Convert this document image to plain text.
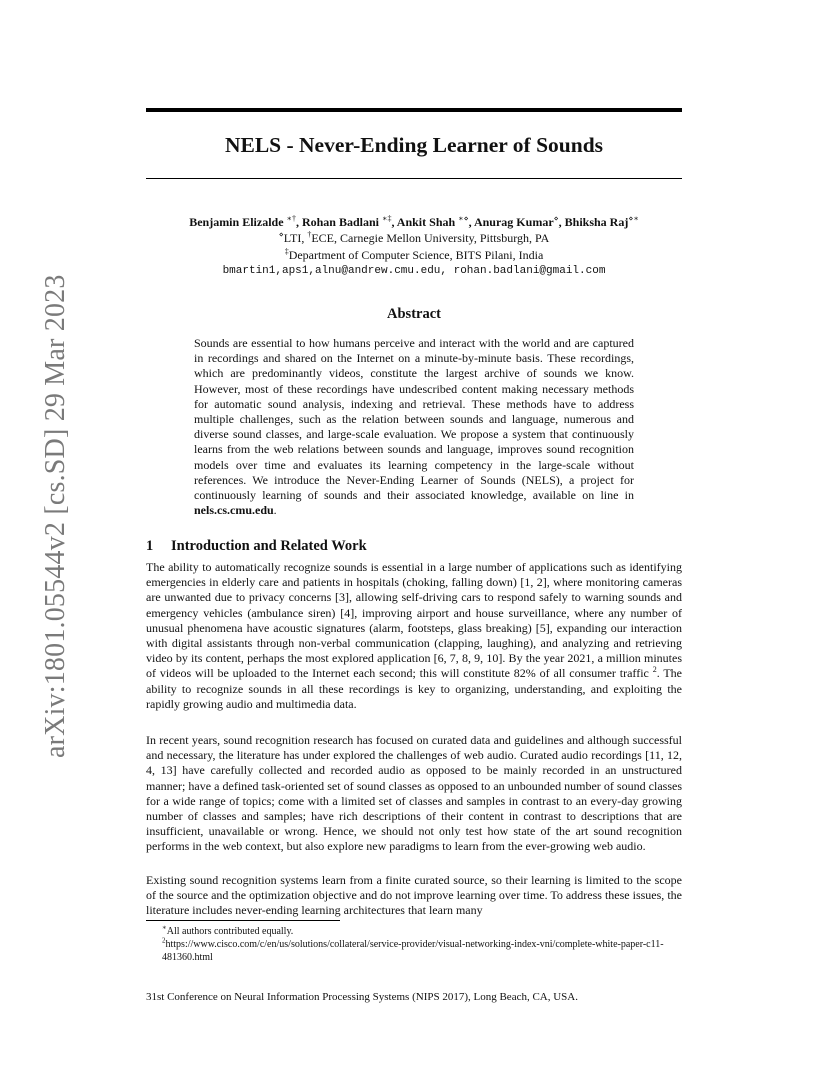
arXiv:1801.05544v2 [cs.SD] 29 Mar 2023
NELS - Never-Ending Learner of Sounds
Benjamin Elizalde ∗†, Rohan Badlani ∗‡, Ankit Shah ∗⋄, Anurag Kumar⋄, Bhiksha Raj⋄∗
⋄LTI, †ECE, Carnegie Mellon University, Pittsburgh, PA
‡Department of Computer Science, BITS Pilani, India
bmartin1,aps1,alnu@andrew.cmu.edu, rohan.badlani@gmail.com
Abstract

Sounds are essential to how humans perceive and interact with the world and are captured in recordings and shared on the Internet on a minute-by-minute basis. These recordings, which are predominantly videos, constitute the largest archive of sounds we know. However, most of these recordings have undescribed content making necessary methods for automatic sound analysis, indexing and retrieval. These methods have to address multiple challenges, such as the relation between sounds and language, numerous and diverse sound classes, and large-scale evaluation. We propose a system that continuously learns from the web relations between sounds and language, improves sound recognition models over time and evaluates its learning competency in the large-scale without references. We introduce the Never-Ending Learner of Sounds (NELS), a project for continuously learning of sounds and their associated knowledge, available on line in nels.cs.cmu.edu.

1 Introduction and Related Work

The ability to automatically recognize sounds is essential in a large number of applications such as identifying emergencies in elderly care and patients in hospitals (choking, falling down) [1, 2], where monitoring cameras are unwanted due to privacy concerns [3], allowing self-driving cars to respond safely to warning sounds and emergency vehicles (ambulance siren) [4], improving airport and house surveillance, where any number of unusual phenomena have acoustic signatures (alarm, footsteps, glass breaking) [5], expanding our interaction with digital assistants through non-verbal communication (clapping, laughing), and analyzing and retrieving video by its content, perhaps the most explored application [6, 7, 8, 9, 10]. By the year 2021, a million minutes of videos will be uploaded to the Internet each second; this will constitute 82% of all consumer traffic $^2$. The ability to recognize sounds in all these recordings is key to organizing, understanding, and exploiting the rapidly growing audio and multimedia data.

In recent years, sound recognition research has focused on curated data and guidelines and although successful and necessary, the literature has under explored the challenges of web audio. Curated audio recordings [11, 12, 4, 13] have carefully collected and recorded audio as opposed to be mainly recorded in an unstructured manner; have a defined task-oriented set of sound classes as opposed to an unbounded number of sound classes for a wide range of topics; come with a limited set of classes and samples in contrast to an every-day growing number of classes and samples; have rich descriptions of their content in contrast to descriptions that are insufficient, unavailable or wrong. Hence, we should not only test how state of the art sound recognition performs in the web context, but also explore new paradigms to learn from the ever-growing web audio.

Existing sound recognition systems learn from a finite curated source, so their learning is limited to the scope of the source and the optimization objective and do not improve learning over time. To address these issues, the literature includes never-ending learning architectures that learn many

∗All authors contributed equally.

$^2$https://www.cisco.com/c/en/us/solutions/collateral/service-provider/visual-networking-index-vni/complete-white-paper-c11-481360.html

31st Conference on Neural Information Processing Systems (NIPS 2017), Long Beach, CA, USA.
